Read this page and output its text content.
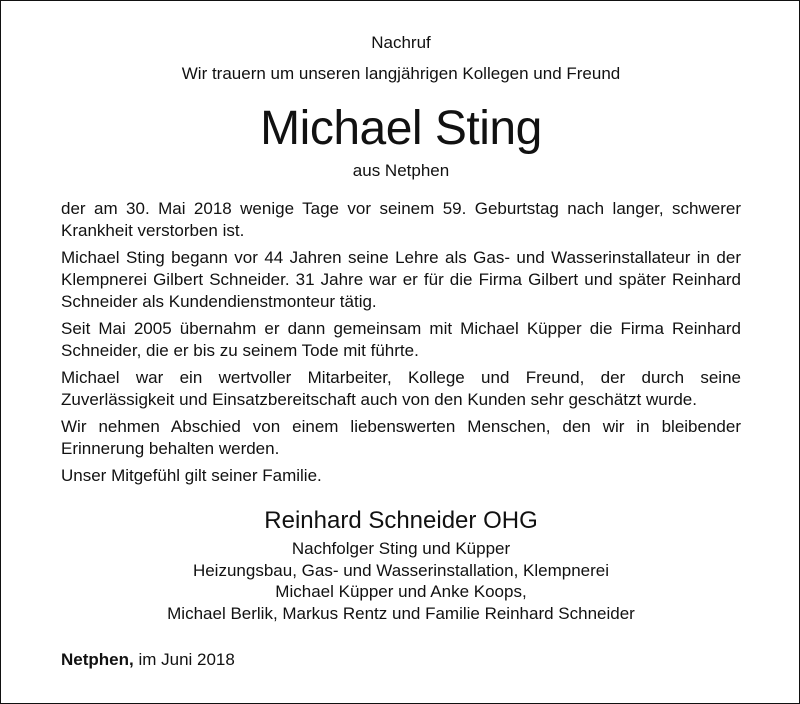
Nachruf
Wir trauern um unseren langjährigen Kollegen und Freund
Michael Sting
aus Netphen

der am 30. Mai 2018 wenige Tage vor seinem 59. Geburtstag nach langer, schwerer Krankheit verstorben ist.

Michael Sting begann vor 44 Jahren seine Lehre als Gas- und Wasserinstallateur in der Klempnerei Gilbert Schneider. 31 Jahre war er für die Firma Gilbert und später Reinhard Schneider als Kundendienstmonteur tätig.

Seit Mai 2005 übernahm er dann gemeinsam mit Michael Küpper die Firma Reinhard Schneider, die er bis zu seinem Tode mit führte.

Michael war ein wertvoller Mitarbeiter, Kollege und Freund, der durch seine Zuverlässigkeit und Einsatzbereitschaft auch von den Kunden sehr geschätzt wurde.

Wir nehmen Abschied von einem liebenswerten Menschen, den wir in bleibender Erinnerung behalten werden.

Unser Mitgefühl gilt seiner Familie.

Reinhard Schneider OHG
Nachfolger Sting und Küpper
Heizungsbau, Gas- und Wasserinstallation, Klempnerei
Michael Küpper und Anke Koops,
Michael Berlik, Markus Rentz und Familie Reinhard Schneider
Netphen, im Juni 2018
